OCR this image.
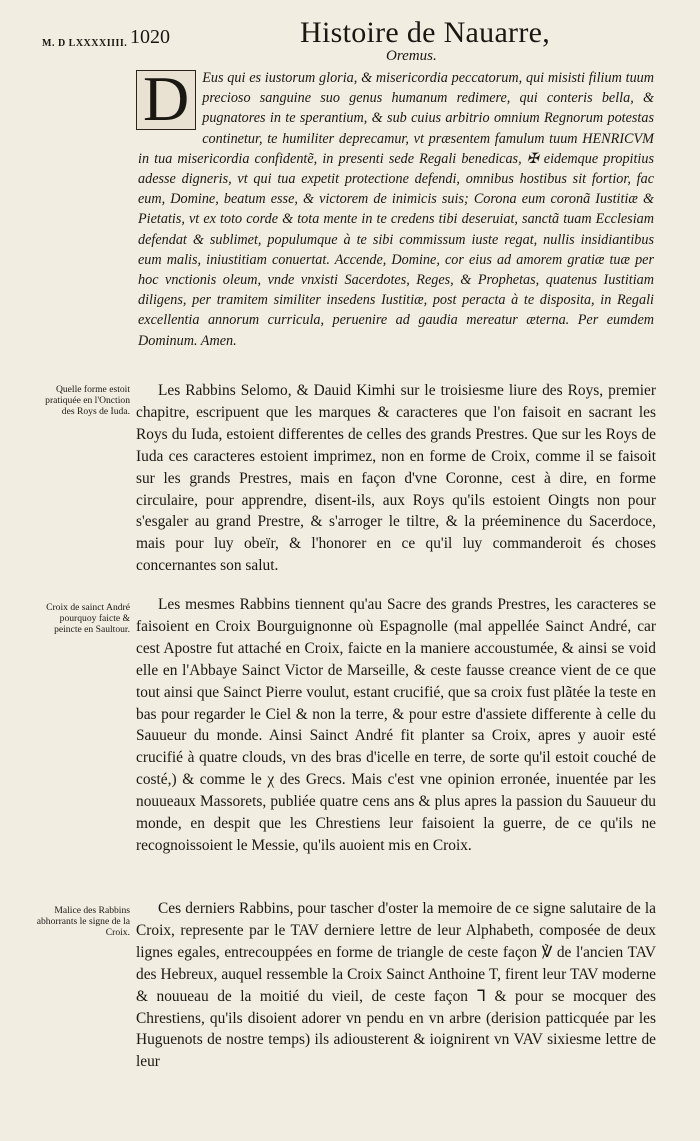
M. D LXXXXIIII. 1020	Histoire de Nauarre,
Oremus.
D Eus qui es iustorum gloria, & misericordia peccatorum, qui misisti filium tuum precioso sanguine suo genus humanum redimere, qui conteris bella, & pugnatores in te sperantium, & sub cuius arbitrio omnium Regnorum potestas continetur, te humiliter deprecamur, vt præsentem famulum tuum HENRICVM in tua misericordia confidentẽ, in presenti sede Regali benedicas, ✠ eidemque propitius adesse digneris, vt qui tua expetit protectione defendi, omnibus hostibus sit fortior, fac eum, Domine, beatum esse, & victorem de inimicis suis; Corona eum coronã Iustitiæ & Pietatis, vt ex toto corde & tota mente in te credens tibi deseruiat, sanctã tuam Ecclesiam defendat & sublimet, populumque à te sibi commissum iuste regat, nullis insidiantibus eum malis, iniustitiam conuertat. Accende, Domine, cor eius ad amorem gratiæ tuæ per hoc vnctionis oleum, vnde vnxisti Sacerdotes, Reges, & Prophetas, quatenus Iustitiam diligens, per tramitem similiter insedens Iustitiæ, post peracta à te disposita, in Regali excellentia annorum curricula, peruenire ad gaudia mereatur æterna. Per eumdem Dominum. Amen.
Quelle forme estoit pratiquée en l'Onction des Roys de Iuda.

Les Rabbins Selomo, & Dauid Kimhi sur le troisiesme liure des Roys, premier chapitre, escripuent que les marques & caracteres que l'on faisoit en sacrant les Roys du Iuda, estoient differentes de celles des grands Prestres. Que sur les Roys de Iuda ces caracteres estoient imprimez, non en forme de Croix, comme il se faisoit sur les grands Prestres, mais en façon d'vne Coronne, cest à dire, en forme circulaire, pour apprendre, disent-ils, aux Roys qu'ils estoient Oingts non pour s'esgaler au grand Prestre, & s'arroger le tiltre, & la préeminence du Sacerdoce, mais pour luy obeïr, & l'honorer en ce qu'il luy commanderoit és choses concernantes son salut.

Croix de sainct André pourquoy faicte & peincte en Saultour.

Les mesmes Rabbins tiennent qu'au Sacre des grands Prestres, les caracteres se faisoient en Croix Bourguignonne où Espagnolle (mal appellée Sainct André, car cest Apostre fut attaché en Croix, faicte en la maniere accoustumée, & ainsi se void elle en l'Abbaye Sainct Victor de Marseille, & ceste fausse creance vient de ce que tout ainsi que Sainct Pierre voulut, estant crucifié, que sa croix fust plãtée la teste en bas pour regarder le Ciel & non la terre, & pour estre d'assiete differente à celle du Sauueur du monde. Ainsi Sainct André fit planter sa Croix, apres y auoir esté crucifié à quatre clouds, vn des bras d'icelle en terre, de sorte qu'il estoit couché de costé,) & comme le χ des Grecs. Mais c'est vne opinion erronée, inuentée par les nouueaux Massorets, publiée quatre cens ans & plus apres la passion du Sauueur du monde, en despit que les Chrestiens leur faisoient la guerre, de ce qu'ils ne recognoissoient le Messie, qu'ils auoient mis en Croix.

Malice des Rabbins abhorrants le signe de la Croix.

Ces derniers Rabbins, pour tascher d'oster la memoire de ce signe salutaire de la Croix, represente par le TAV derniere lettre de leur Alphabeth, composée de deux lignes egales, entrecouppées en forme de triangle de ceste façon ℣ de l'ancien TAV des Hebreux, auquel ressemble la Croix Sainct Anthoine T, firent leur TAV moderne & nouueau de la moitié du vieil, de ceste façon ᒣ & pour se mocquer des Chrestiens, qu'ils disoient adorer vn pendu en vn arbre (derision patticquée par les Huguenots de nostre temps) ils adiousterent & ioignirent vn VAV sixiesme lettre de leur
